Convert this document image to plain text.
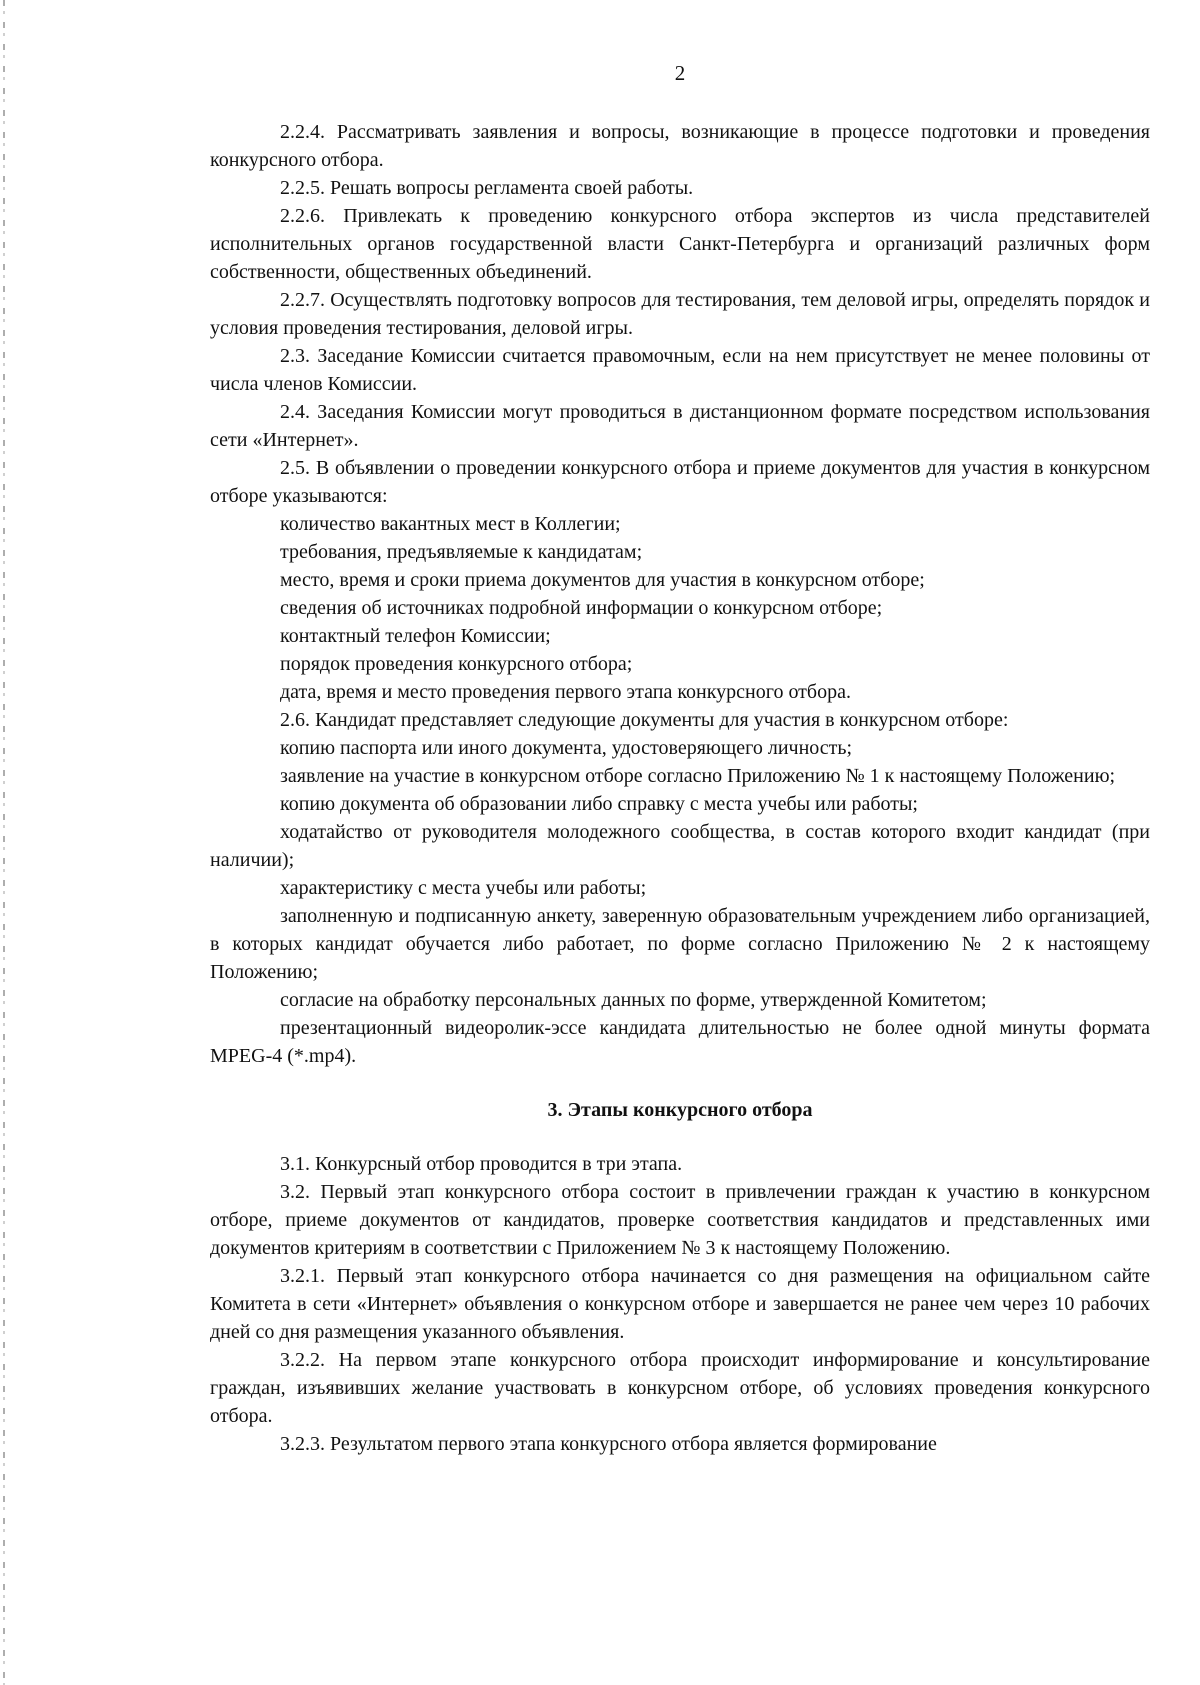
2

2.2.4. Рассматривать заявления и вопросы, возникающие в процессе подготовки и проведения конкурсного отбора.

2.2.5. Решать вопросы регламента своей работы.

2.2.6. Привлекать к проведению конкурсного отбора экспертов из числа представителей исполнительных органов государственной власти Санкт-Петербурга и организаций различных форм собственности, общественных объединений.

2.2.7. Осуществлять подготовку вопросов для тестирования, тем деловой игры, определять порядок и условия проведения тестирования, деловой игры.

2.3. Заседание Комиссии считается правомочным, если на нем присутствует не менее половины от числа членов Комиссии.

2.4. Заседания Комиссии могут проводиться в дистанционном формате посредством использования сети «Интернет».

2.5. В объявлении о проведении конкурсного отбора и приеме документов для участия в конкурсном отборе указываются:

количество вакантных мест в Коллегии;

требования, предъявляемые к кандидатам;

место, время и сроки приема документов для участия в конкурсном отборе;

сведения об источниках подробной информации о конкурсном отборе;

контактный телефон Комиссии;

порядок проведения конкурсного отбора;

дата, время и место проведения первого этапа конкурсного отбора.

2.6. Кандидат представляет следующие документы для участия в конкурсном отборе:

копию паспорта или иного документа, удостоверяющего личность;

заявление на участие в конкурсном отборе согласно Приложению № 1 к настоящему Положению;

копию документа об образовании либо справку с места учебы или работы;

ходатайство от руководителя молодежного сообщества, в состав которого входит кандидат (при наличии);

характеристику с места учебы или работы;

заполненную и подписанную анкету, заверенную образовательным учреждением либо организацией, в которых кандидат обучается либо работает, по форме согласно Приложению № 2 к настоящему Положению;

согласие на обработку персональных данных по форме, утвержденной Комитетом;

презентационный видеоролик-эссе кандидата длительностью не более одной минуты формата MPEG-4 (*.mp4).

3. Этапы конкурсного отбора

3.1. Конкурсный отбор проводится в три этапа.

3.2. Первый этап конкурсного отбора состоит в привлечении граждан к участию в конкурсном отборе, приеме документов от кандидатов, проверке соответствия кандидатов и представленных ими документов критериям в соответствии с Приложением № 3 к настоящему Положению.

3.2.1. Первый этап конкурсного отбора начинается со дня размещения на официальном сайте Комитета в сети «Интернет» объявления о конкурсном отборе и завершается не ранее чем через 10 рабочих дней со дня размещения указанного объявления.

3.2.2. На первом этапе конкурсного отбора происходит информирование и консультирование граждан, изъявивших желание участвовать в конкурсном отборе, об условиях проведения конкурсного отбора.

3.2.3. Результатом первого этапа конкурсного отбора является формирование
